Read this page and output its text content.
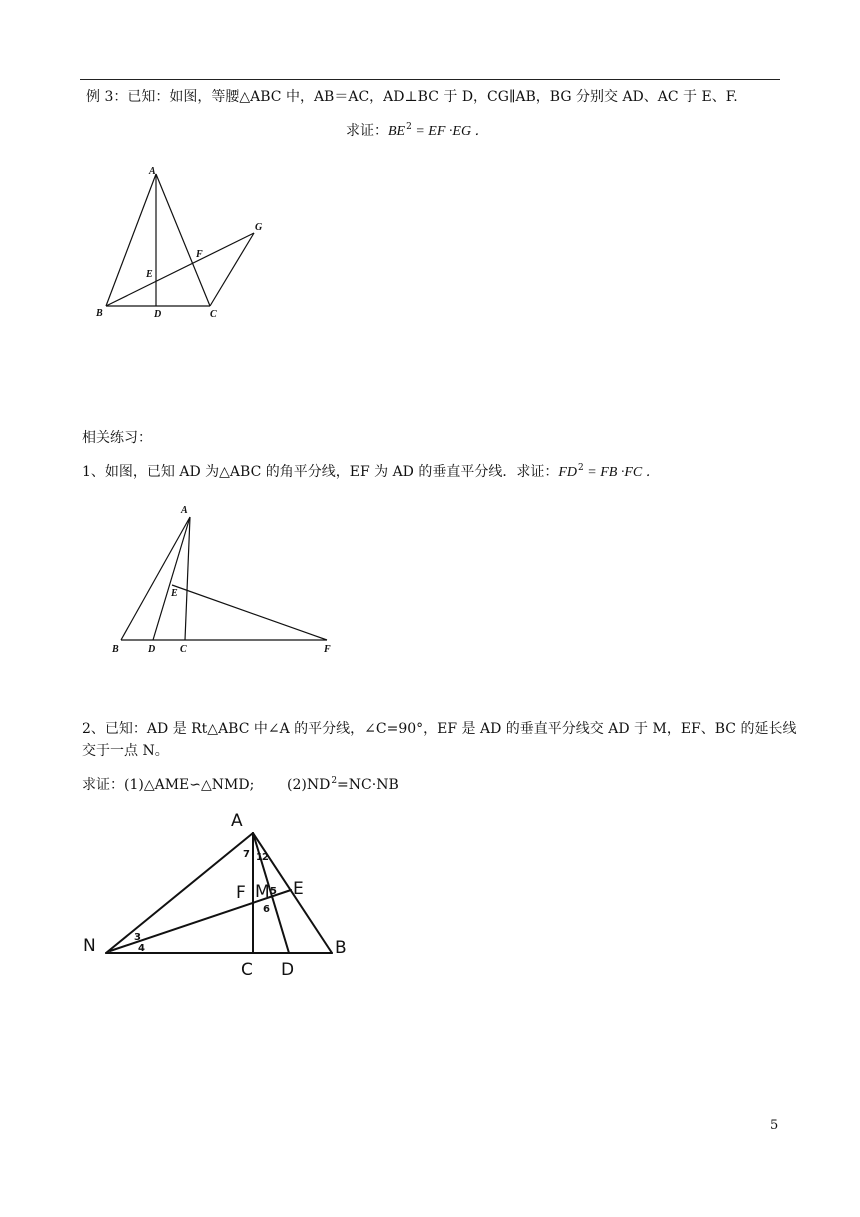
例 3：已知：如图，等腰△ABC 中，AB＝AC，AD⊥BC 于 D，CG∥AB，BG 分别交 AD、AC 于 E、F.
求证：$BE^2$ = EF ·EG ．
A
G
F
E
B	D	C
相关练习：
1、如图，已知 AD 为△ABC 的角平分线，EF 为 AD 的垂直平分线．求证：$FD^2$ = FB ·FC ．
A
E
B	D C	F
2、已知：AD 是 Rt△ABC 中∠A 的平分线，∠C=90°，EF 是 AD 的垂直平分线交 AD 于 M，EF、BC 的延长线
交于一点 N。
求证：(1)△AME∽△NMD; $(2)ND^2=NC\cdot NB$
A
N	B
C D
F M E
7 1 2
5
6
3
4
5
